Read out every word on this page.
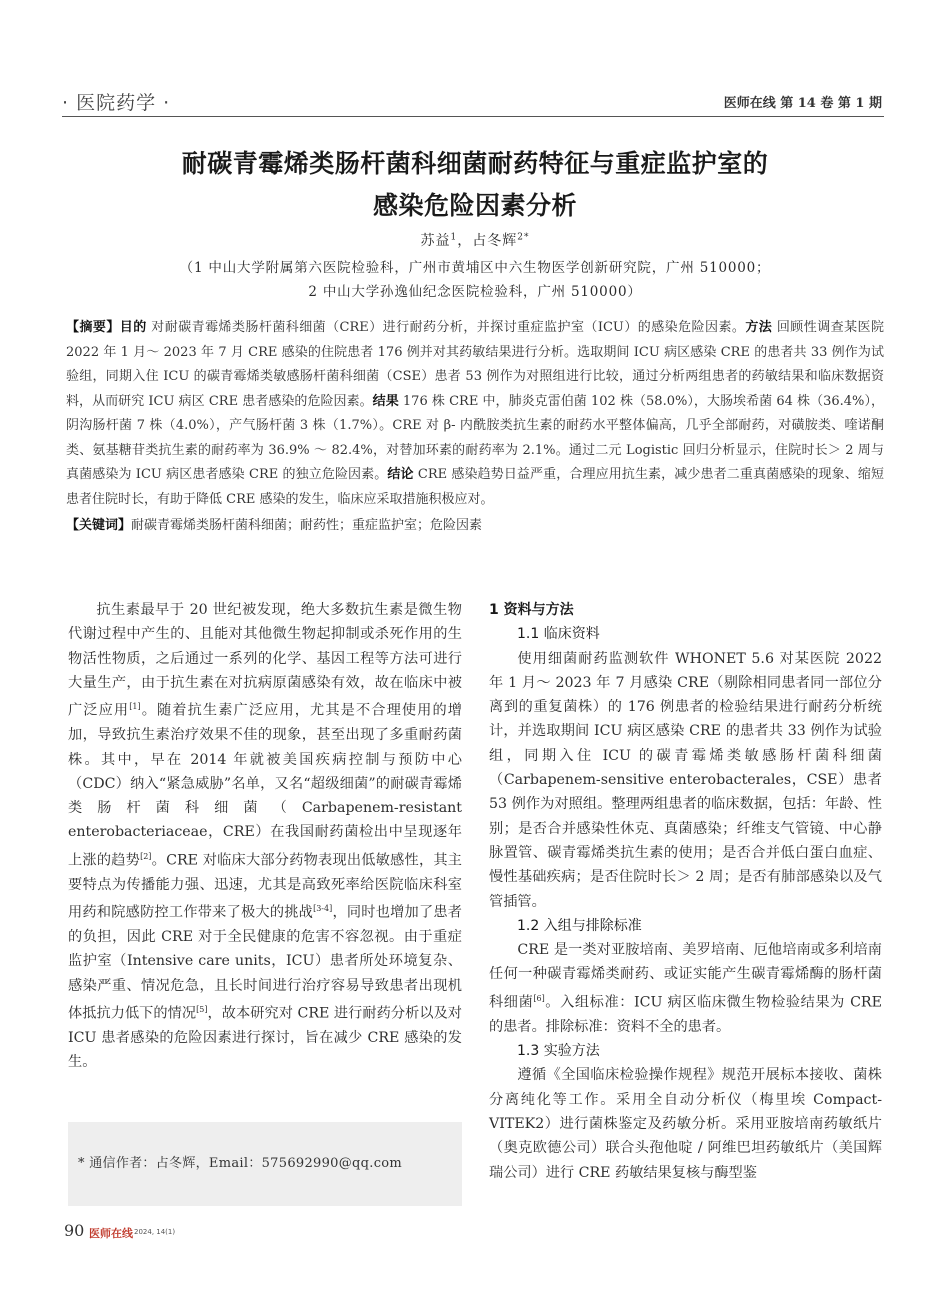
· 医院药学 ·	医师在线 第 14 卷 第 1 期
耐碳青霉烯类肠杆菌科细菌耐药特征与重症监护室的
感染危险因素分析
苏益$^1$，占冬辉$^{2*}$
（1 中山大学附属第六医院检验科，广州市黄埔区中六生物医学创新研究院，广州 510000；
2 中山大学孙逸仙纪念医院检验科，广州 510000）
【摘要】目的 对耐碳青霉烯类肠杆菌科细菌（CRE）进行耐药分析，并探讨重症监护室（ICU）的感染危险因素。方法 回顾性调查某医院 2022 年 1 月～ 2023 年 7 月 CRE 感染的住院患者 176 例并对其药敏结果进行分析。选取期间 ICU 病区感染 CRE 的患者共 33 例作为试验组，同期入住 ICU 的碳青霉烯类敏感肠杆菌科细菌（CSE）患者 53 例作为对照组进行比较，通过分析两组患者的药敏结果和临床数据资料，从而研究 ICU 病区 CRE 患者感染的危险因素。结果 176 株 CRE 中，肺炎克雷伯菌 102 株（58.0%），大肠埃希菌 64 株（36.4%），阴沟肠杆菌 7 株（4.0%），产气肠杆菌 3 株（1.7%）。CRE 对 β- 内酰胺类抗生素的耐药水平整体偏高，几乎全部耐药，对磺胺类、喹诺酮类、氨基糖苷类抗生素的耐药率为 36.9% ～ 82.4%，对替加环素的耐药率为 2.1%。通过二元 Logistic 回归分析显示，住院时长＞ 2 周与真菌感染为 ICU 病区患者感染 CRE 的独立危险因素。结论 CRE 感染趋势日益严重，合理应用抗生素，减少患者二重真菌感染的现象、缩短患者住院时长，有助于降低 CRE 感染的发生，临床应采取措施积极应对。
【关键词】耐碳青霉烯类肠杆菌科细菌；耐药性；重症监护室；危险因素

抗生素最早于 20 世纪被发现，绝大多数抗生素是微生物代谢过程中产生的、且能对其他微生物起抑制或杀死作用的生物活性物质，之后通过一系列的化学、基因工程等方法可进行大量生产，由于抗生素在对抗病原菌感染有效，故在临床中被广泛应用[1]。随着抗生素广泛应用，尤其是不合理使用的增加，导致抗生素治疗效果不佳的现象，甚至出现了多重耐药菌株。其中，早在 2014 年就被美国疾病控制与预防中心（CDC）纳入“紧急威胁”名单，又名“超级细菌”的耐碳青霉烯类肠杆菌科细菌（Carbapenem-resistant enterobacteriaceae，CRE）在我国耐药菌检出中呈现逐年上涨的趋势[2]。CRE 对临床大部分药物表现出低敏感性，其主要特点为传播能力强、迅速，尤其是高致死率给医院临床科室用药和院感防控工作带来了极大的挑战[3-4]，同时也增加了患者的负担，因此 CRE 对于全民健康的危害不容忽视。由于重症监护室（Intensive care units，ICU）患者所处环境复杂、感染严重、情况危急，且长时间进行治疗容易导致患者出现机体抵抗力低下的情况[5]，故本研究对 CRE 进行耐药分析以及对 ICU 患者感染的危险因素进行探讨，旨在减少 CRE 感染的发生。

* 通信作者：占冬辉，Email：575692990@qq.com
1 资料与方法
1.1 临床资料

使用细菌耐药监测软件 WHONET 5.6 对某医院 2022 年 1 月～ 2023 年 7 月感染 CRE（剔除相同患者同一部位分离到的重复菌株）的 176 例患者的检验结果进行耐药分析统计，并选取期间 ICU 病区感染 CRE 的患者共 33 例作为试验组，同期入住 ICU 的碳青霉烯类敏感肠杆菌科细菌（Carbapenem-sensitive enterobacterales，CSE）患者 53 例作为对照组。整理两组患者的临床数据，包括：年龄、性别；是否合并感染性休克、真菌感染；纤维支气管镜、中心静脉置管、碳青霉烯类抗生素的使用；是否合并低白蛋白血症、慢性基础疾病；是否住院时长＞ 2 周；是否有肺部感染以及气管插管。

1.2 入组与排除标准

CRE 是一类对亚胺培南、美罗培南、厄他培南或多利培南任何一种碳青霉烯类耐药、或证实能产生碳青霉烯酶的肠杆菌科细菌[6]。入组标准：ICU 病区临床微生物检验结果为 CRE 的患者。排除标准：资料不全的患者。

1.3 实验方法

遵循《全国临床检验操作规程》规范开展标本接收、菌株分离纯化等工作。采用全自动分析仪（梅里埃 Compact-VITEK2）进行菌株鉴定及药敏分析。采用亚胺培南药敏纸片（奥克欧德公司）联合头孢他啶 / 阿维巴坦药敏纸片（美国辉瑞公司）进行 CRE 药敏结果复核与酶型鉴

90 医师在线 2024, 14(1)
